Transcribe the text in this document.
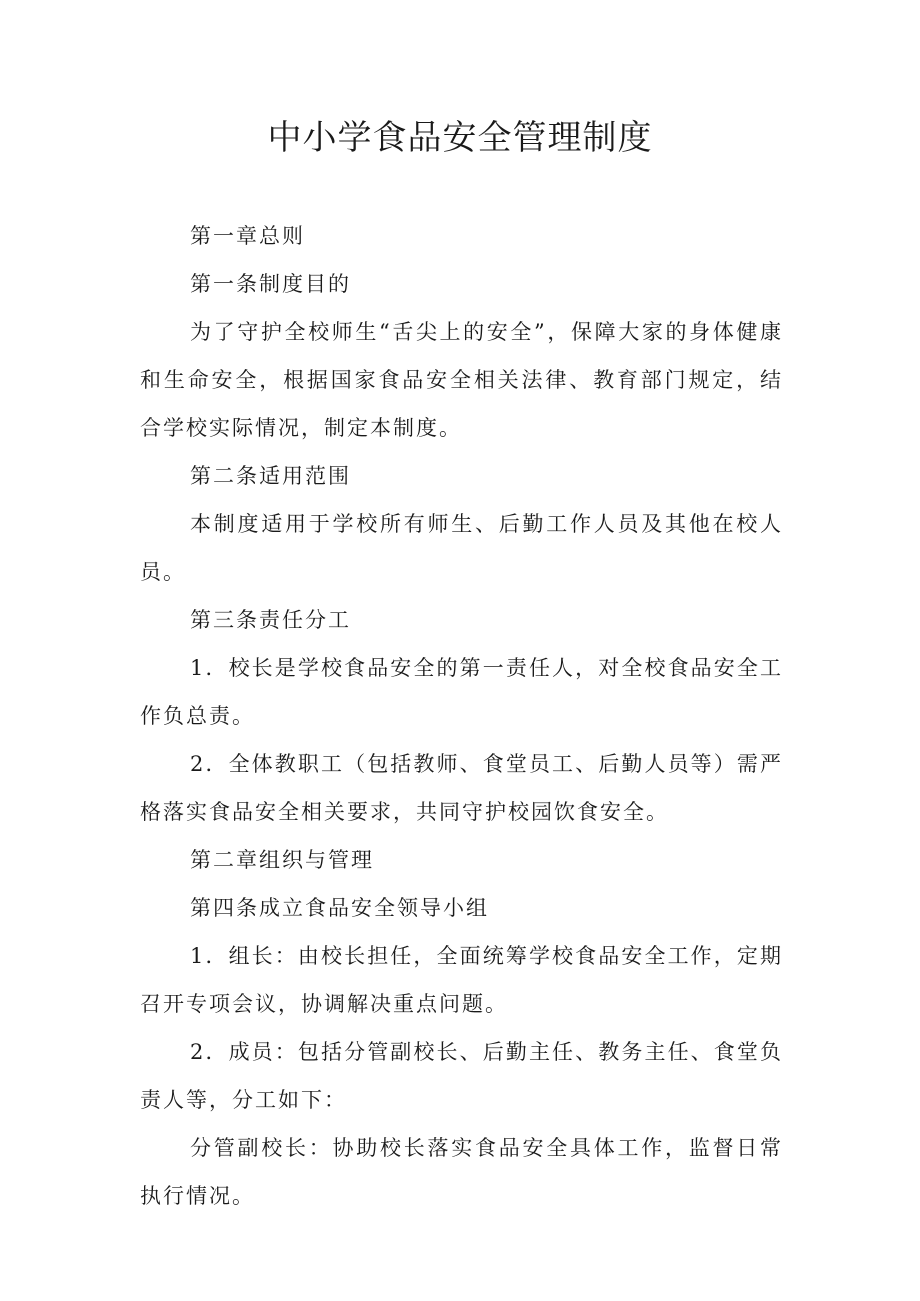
中小学食品安全管理制度

第一章总则

第一条制度目的

为了守护全校师生“舌尖上的安全”，保障大家的身体健康和生命安全，根据国家食品安全相关法律、教育部门规定，结合学校实际情况，制定本制度。

第二条适用范围

本制度适用于学校所有师生、后勤工作人员及其他在校人员。

第三条责任分工

1．校长是学校食品安全的第一责任人，对全校食品安全工作负总责。

2．全体教职工（包括教师、食堂员工、后勤人员等）需严格落实食品安全相关要求，共同守护校园饮食安全。

第二章组织与管理

第四条成立食品安全领导小组

1．组长：由校长担任，全面统筹学校食品安全工作，定期召开专项会议，协调解决重点问题。

2．成员：包括分管副校长、后勤主任、教务主任、食堂负责人等，分工如下：

分管副校长：协助校长落实食品安全具体工作，监督日常执行情况。
